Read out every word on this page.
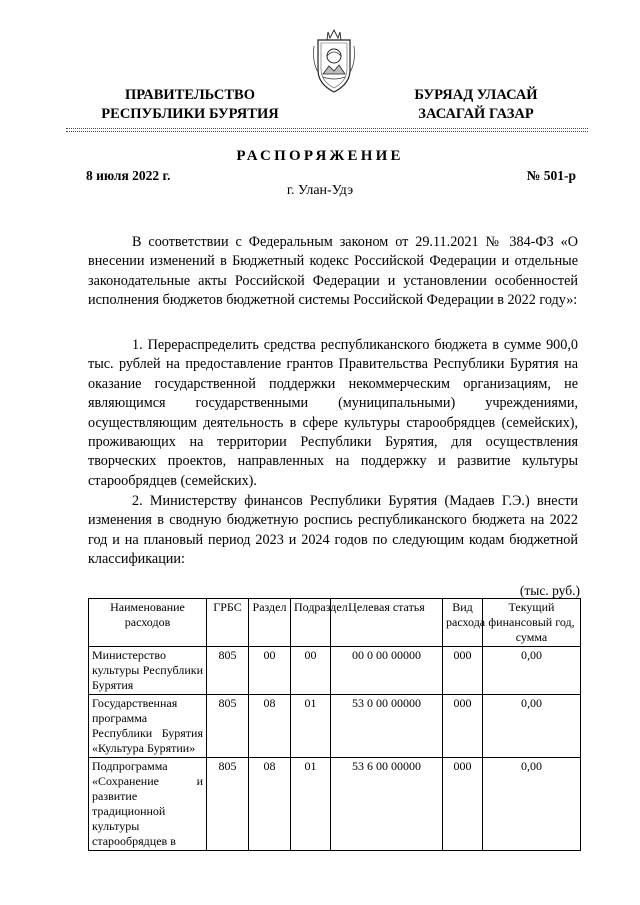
ПРАВИТЕЛЬСТВО
РЕСПУБЛИКИ БУРЯТИЯ
БУРЯАД УЛАСАЙ
ЗАСАГАЙ ГАЗАР
РАСПОРЯЖЕНИЕ
8 июля 2022 г.	№ 501-р
г. Улан-Удэ
В соответствии с Федеральным законом от 29.11.2021 № 384-ФЗ «О внесении изменений в Бюджетный кодекс Российской Федерации и отдельные законодательные акты Российской Федерации и установлении особенностей исполнения бюджетов бюджетной системы Российской Федерации в 2022 году»:
1. Перераспределить средства республиканского бюджета в сумме 900,0 тыс. рублей на предоставление грантов Правительства Республики Бурятия на оказание государственной поддержки некоммерческим организациям, не являющимся государственными (муниципальными) учреждениями, осуществляющим деятельность в сфере культуры старообрядцев (семейских), проживающих на территории Республики Бурятия, для осуществления творческих проектов, направленных на поддержку и развитие культуры старообрядцев (семейских).
2. Министерству финансов Республики Бурятия (Мадаев Г.Э.) внести изменения в сводную бюджетную роспись республиканского бюджета на 2022 год и на плановый период 2023 и 2024 годов по следующим кодам бюджетной классификации:
(тыс. руб.)
Наименование расходов	ГРБС	Раздел	Подраздел	Целевая статья	Вид расхода	Текущий финансовый год, сумма
Министерство культуры Республики Бурятия	805	00	00	00 0 00 00000	000	0,00
Государственная программа Республики Бурятия «Культура Бурятии»	805	08	01	53 0 00 00000	000	0,00
Подпрограмма «Сохранение и развитие традиционной культуры старообрядцев в	805	08	01	53 6 00 00000	000	0,00
